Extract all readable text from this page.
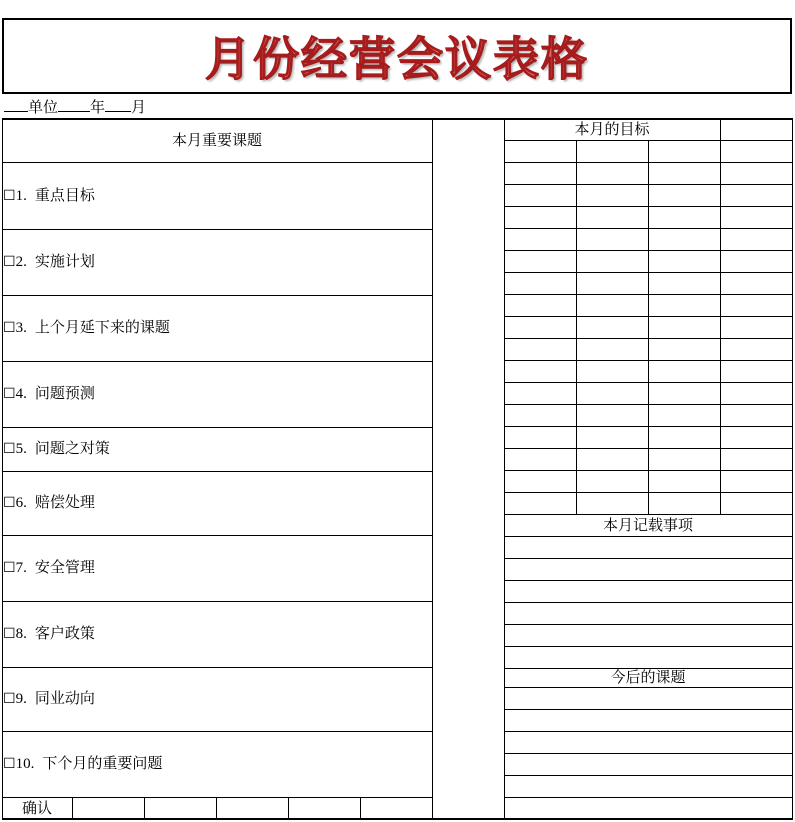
月份经营会议表格
单位 年 月
本月重要课题
本月的目标
本月记载事项
今后的课题
确认
☐1. 重点目标
☐2. 实施计划
☐3. 上个月延下来的课题
☐4. 问题预测
☐5. 问题之对策
☐6. 赔偿处理
☐7. 安全管理
☐8. 客户政策
☐9. 同业动向
☐10. 下个月的重要问题
